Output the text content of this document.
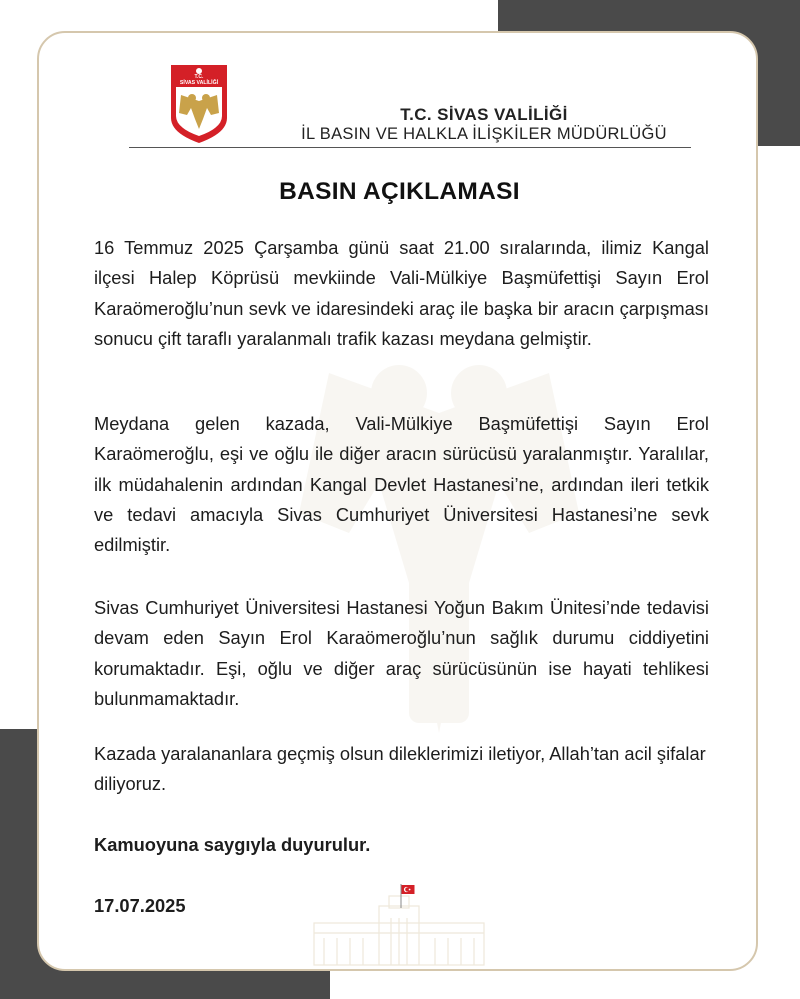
T.C.
SİVAS VALİLİĞİ
T.C. SİVAS VALİLİĞİ
İL BASIN VE HALKLA İLİŞKİLER MÜDÜRLÜĞÜ
BASIN AÇIKLAMASI

16 Temmuz 2025 Çarşamba günü saat 21.00 sıralarında, ilimiz Kangal ilçesi Halep Köprüsü mevkiinde Vali-Mülkiye Başmüfettişi Sayın Erol Karaömeroğlu’nun sevk ve idaresindeki araç ile başka bir aracın çarpışması sonucu çift taraflı yaralanmalı trafik kazası meydana gelmiştir.

Meydana gelen kazada, Vali-Mülkiye Başmüfettişi Sayın Erol Karaömeroğlu, eşi ve oğlu ile diğer aracın sürücüsü yaralanmıştır. Yaralılar, ilk müdahalenin ardından Kangal Devlet Hastanesi’ne, ardından ileri tetkik ve tedavi amacıyla Sivas Cumhuriyet Üniversitesi Hastanesi’ne sevk edilmiştir.

Sivas Cumhuriyet Üniversitesi Hastanesi Yoğun Bakım Ünitesi’nde tedavisi devam eden Sayın Erol Karaömeroğlu’nun sağlık durumu ciddiyetini korumaktadır. Eşi, oğlu ve diğer araç sürücüsünün ise hayati tehlikesi bulunmamaktadır.

Kazada yaralananlara geçmiş olsun dileklerimizi iletiyor, Allah’tan acil şifalar diliyoruz.

Kamuoyuna saygıyla duyurulur.

17.07.2025
